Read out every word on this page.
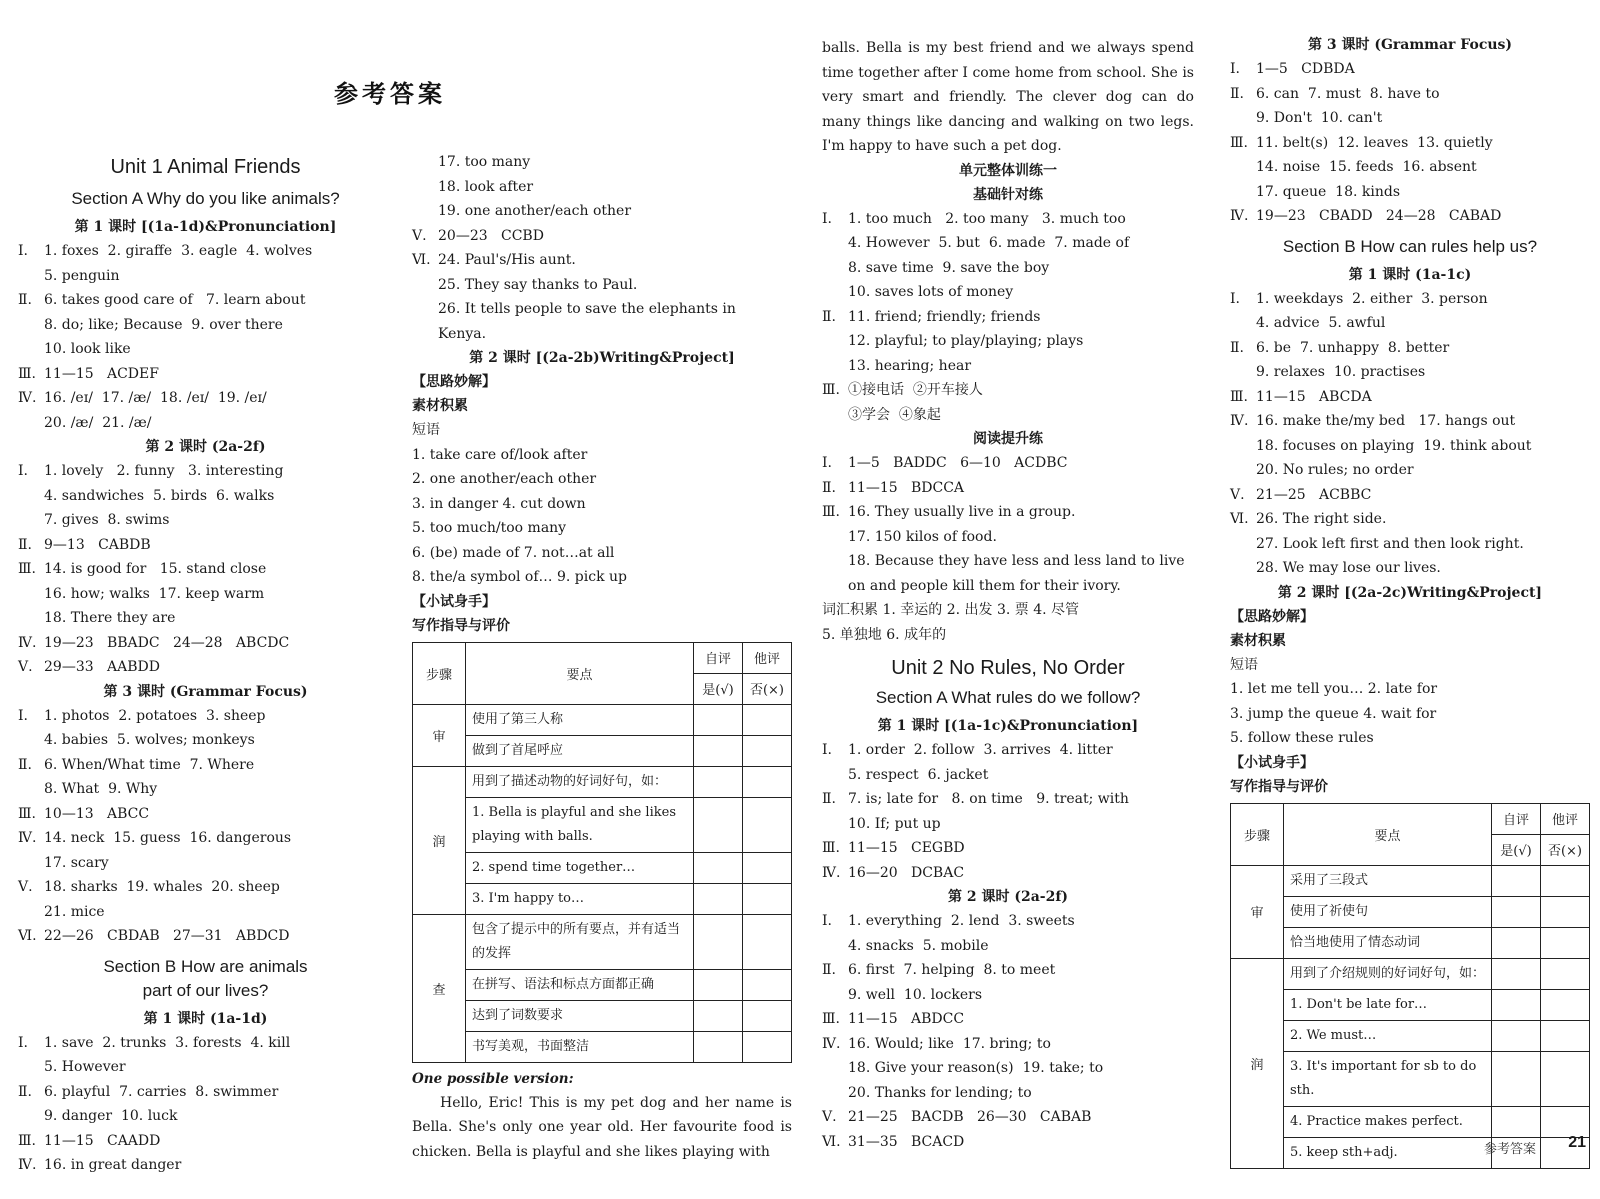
参考答案
Unit 1 Animal Friends
Section A Why do you like animals?
第 1 课时 [(1a-1d)&Pronunciation]
Ⅰ.	1. foxes  2. giraffe  3. eagle  4. wolves
5. penguin
Ⅱ. 6. takes good care of   7. learn about
8. do; like; Because  9. over there
10. look like
Ⅲ. 11—15   ACDEF
Ⅳ. 16. /eɪ/  17. /æ/  18. /eɪ/  19. /eɪ/
20. /æ/  21. /æ/
第 2 课时 (2a-2f)
Ⅰ.	1. lovely   2. funny   3. interesting
4. sandwiches  5. birds  6. walks
7. gives  8. swims
Ⅱ. 9—13   CABDB
Ⅲ. 14. is good for   15. stand close
16. how; walks  17. keep warm
18. There they are
Ⅳ. 19—23   BBADC   24—28   ABCDC
Ⅴ. 29—33   AABDD
第 3 课时 (Grammar Focus)
Ⅰ.	1. photos  2. potatoes  3. sheep
4. babies  5. wolves; monkeys
Ⅱ. 6. When/What time  7. Where
8. What  9. Why
Ⅲ. 10—13   ABCC
Ⅳ. 14. neck  15. guess  16. dangerous
17. scary
Ⅴ. 18. sharks  19. whales  20. sheep
21. mice
Ⅵ. 22—26   CBDAB   27—31   ABDCD
Section B How are animals
part of our lives?
第 1 课时 (1a-1d)
Ⅰ.	1. save  2. trunks  3. forests  4. kill
5. However
Ⅱ. 6. playful  7. carries  8. swimmer
9. danger  10. luck
Ⅲ. 11—15   CAADD
Ⅳ. 16. in great danger
17. too many
18. look after
19. one another/each other
Ⅴ. 20—23   CCBD
Ⅵ. 24. Paul's/His aunt.
25. They say thanks to Paul.
26. It tells people to save the elephants in
Kenya.
第 2 课时 [(2a-2b)Writing&Project]
【思路妙解】
素材积累
短语
1. take care of/look after
2. one another/each other
3. in danger 4. cut down
5. too much/too many
6. (be) made of 7. not…at all
8. the/a symbol of… 9. pick up
【小试身手】
写作指导与评价
步骤	要点	自评	他评
		是(√)	否(×)
审	使用了第三人称		
	做到了首尾呼应		
润	用到了描述动物的好词好句，如：		
	1. Bella is playful and she likes playing with balls.		
	2. spend time together…		
	3. I'm happy to…		
查	包含了提示中的所有要点，并有适当的发挥		
	在拼写、语法和标点方面都正确		
	达到了词数要求		
	书写美观，书面整洁		
One possible version:
Hello, Eric! This is my pet dog and her name is Bella. She's only one year old. Her favourite food is chicken. Bella is playful and she likes playing with
balls. Bella is my best friend and we always spend time together after I come home from school. She is very smart and friendly. The clever dog can do many things like dancing and walking on two legs. I'm happy to have such a pet dog.
单元整体训练一
基础针对练
Ⅰ.	1. too much   2. too many   3. much too
4. However  5. but  6. made  7. made of
8. save time  9. save the boy
10. saves lots of money
Ⅱ. 11. friend; friendly; friends
12. playful; to play/playing; plays
13. hearing; hear
Ⅲ. ①接电话  ②开车接人
③学会  ④象起
阅读提升练
Ⅰ.	1—5   BADDC   6—10   ACDBC
Ⅱ. 11—15   BDCCA
Ⅲ. 16. They usually live in a group.
17. 150 kilos of food.
18. Because they have less and less land to live
on and people kill them for their ivory.
词汇积累 1. 幸运的 2. 出发 3. 票 4. 尽管
5. 单独地 6. 成年的
Unit 2 No Rules, No Order
Section A What rules do we follow?
第 1 课时 [(1a-1c)&Pronunciation]
Ⅰ.	1. order  2. follow  3. arrives  4. litter
5. respect  6. jacket
Ⅱ. 7. is; late for   8. on time   9. treat; with
10. If; put up
Ⅲ. 11—15   CEGBD
Ⅳ. 16—20   DCBAC
第 2 课时 (2a-2f)
Ⅰ.	1. everything  2. lend  3. sweets
4. snacks  5. mobile
Ⅱ. 6. first  7. helping  8. to meet
9. well  10. lockers
Ⅲ. 11—15   ABDCC
Ⅳ. 16. Would; like  17. bring; to
18. Give your reason(s)  19. take; to
20. Thanks for lending; to
Ⅴ. 21—25   BACDB   26—30   CABAB
Ⅵ. 31—35   BCACD
第 3 课时 (Grammar Focus)
Ⅰ.	1—5   CDBDA
Ⅱ. 6. can  7. must  8. have to
9. Don't  10. can't
Ⅲ. 11. belt(s)  12. leaves  13. quietly
14. noise  15. feeds  16. absent
17. queue  18. kinds
Ⅳ. 19—23   CBADD   24—28   CABAD
Section B How can rules help us?
第 1 课时 (1a-1c)
Ⅰ.	1. weekdays  2. either  3. person
4. advice  5. awful
Ⅱ. 6. be  7. unhappy  8. better
9. relaxes  10. practises
Ⅲ. 11—15   ABCDA
Ⅳ. 16. make the/my bed   17. hangs out
18. focuses on playing  19. think about
20. No rules; no order
Ⅴ. 21—25   ACBBC
Ⅵ. 26. The right side.
27. Look left first and then look right.
28. We may lose our lives.
第 2 课时 [(2a-2c)Writing&Project]
【思路妙解】
素材积累
短语
1. let me tell you… 2. late for
3. jump the queue 4. wait for
5. follow these rules
【小试身手】
写作指导与评价
步骤	要点	自评	他评
		是(√)	否(×)
审	采用了三段式		
	使用了祈使句		
	恰当地使用了情态动词		
润	用到了介绍规则的好词好句，如：		
	1. Don't be late for…		
	2. We must…		
	3. It's important for sb to do sth.		
	4. Practice makes perfect.		
	5. keep sth+adj.			参考答案 21
